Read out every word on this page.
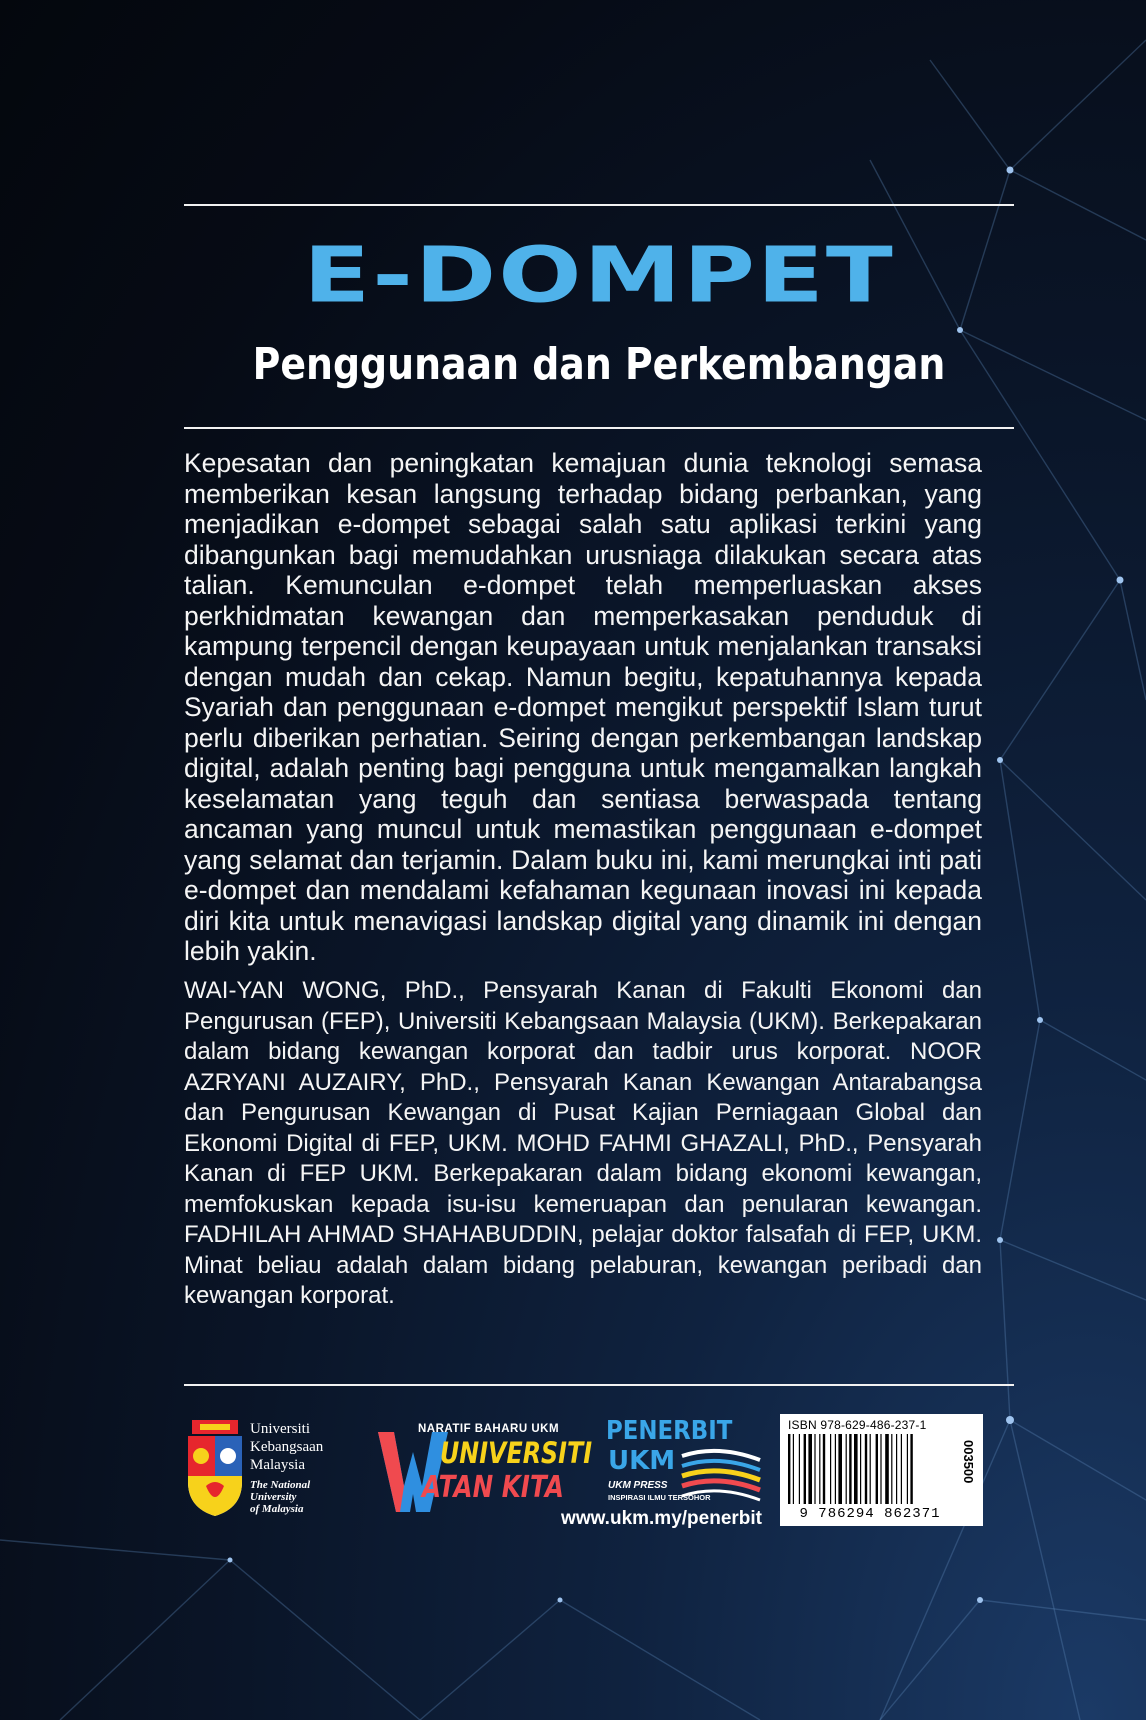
E-DOMPET
Penggunaan dan Perkembangan

Kepesatan dan peningkatan kemajuan dunia teknologi semasa memberikan kesan langsung terhadap bidang perbankan, yang menjadikan e-dompet sebagai salah satu aplikasi terkini yang dibangunkan bagi memudahkan urusniaga dilakukan secara atas talian. Kemunculan e-dompet telah memperluaskan akses perkhidmatan kewangan dan memperkasakan penduduk di kampung terpencil dengan keupayaan untuk menjalankan transaksi dengan mudah dan cekap. Namun begitu, kepatuhannya kepada Syariah dan penggunaan e-dompet mengikut perspektif Islam turut perlu diberikan perhatian. Seiring dengan perkembangan landskap digital, adalah penting bagi pengguna untuk mengamalkan langkah keselamatan yang teguh dan sentiasa berwaspada tentang ancaman yang muncul untuk memastikan penggunaan e-dompet yang selamat dan terjamin. Dalam buku ini, kami merungkai inti pati e-dompet dan mendalami kefahaman kegunaan inovasi ini kepada diri kita untuk menavigasi landskap digital yang dinamik ini dengan lebih yakin.

WAI-YAN WONG, PhD., Pensyarah Kanan di Fakulti Ekonomi dan Pengurusan (FEP), Universiti Kebangsaan Malaysia (UKM). Berkepakaran dalam bidang kewangan korporat dan tadbir urus korporat. NOOR AZRYANI AUZAIRY, PhD., Pensyarah Kanan Kewangan Antarabangsa dan Pengurusan Kewangan di Pusat Kajian Perniagaan Global dan Ekonomi Digital di FEP, UKM. MOHD FAHMI GHAZALI, PhD., Pensyarah Kanan di FEP UKM. Berkepakaran dalam bidang ekonomi kewangan, memfokuskan kepada isu-isu kemeruapan dan penularan kewangan. FADHILAH AHMAD SHAHABUDDIN, pelajar doktor falsafah di FEP, UKM. Minat beliau adalah dalam bidang pelaburan, kewangan peribadi dan kewangan korporat.

Universiti
Kebangsaan
Malaysia
The National University
of Malaysia
NARATIF BAHARU UKM
UNIVERSITI
ATAN KITA
PENERBIT
UKM
UKM PRESS
INSPIRASI ILMU TERSOHOR
www.ukm.my/penerbit
ISBN 978-629-486-237-1
003500
9 786294 862371
